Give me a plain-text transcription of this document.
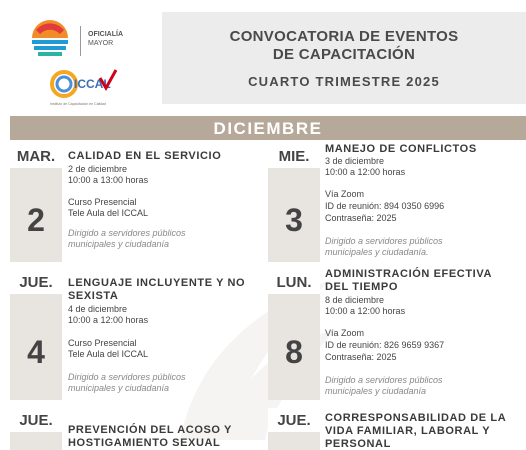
OFICIALÍA
MAYOR
ICCAL
Instituto de Capacitación en Calidad
CONVOCATORIA DE EVENTOS
DE CAPACITACIÓN
CUARTO TRIMESTRE 2025
DICIEMBRE
MAR.
2
CALIDAD EN EL SERVICIO
2 de diciembre
10:00 a 13:00 horas
Curso Presencial
Tele Aula del ICCAL
Dirigido a servidores públicos
municipales y ciudadanía
MIE.
3
MANEJO DE CONFLICTOS
3 de diciembre
10:00 a 12:00 horas
Vía Zoom
ID de reunión: 894 0350 6996
Contraseña: 2025
Dirigido a servidores públicos
municipales y ciudadanía.
JUE.
4
LENGUAJE INCLUYENTE Y NO
SEXISTA
4 de diciembre
10:00 a 12:00 horas
Curso Presencial
Tele Aula del ICCAL
Dirigido a servidores públicos
municipales y ciudadanía
LUN.
8
ADMINISTRACIÓN EFECTIVA
DEL TIEMPO
8 de diciembre
10:00 a 12:00 horas
Vía Zoom
ID de reunión: 826 9659 9367
Contraseña: 2025
Dirigido a servidores públicos
municipales y ciudadanía
JUE.
PREVENCIÓN DEL ACOSO Y
HOSTIGAMIENTO SEXUAL
JUE.	CORRESPONSABILIDAD DE LA
VIDA FAMILIAR, LABORAL Y
PERSONAL
